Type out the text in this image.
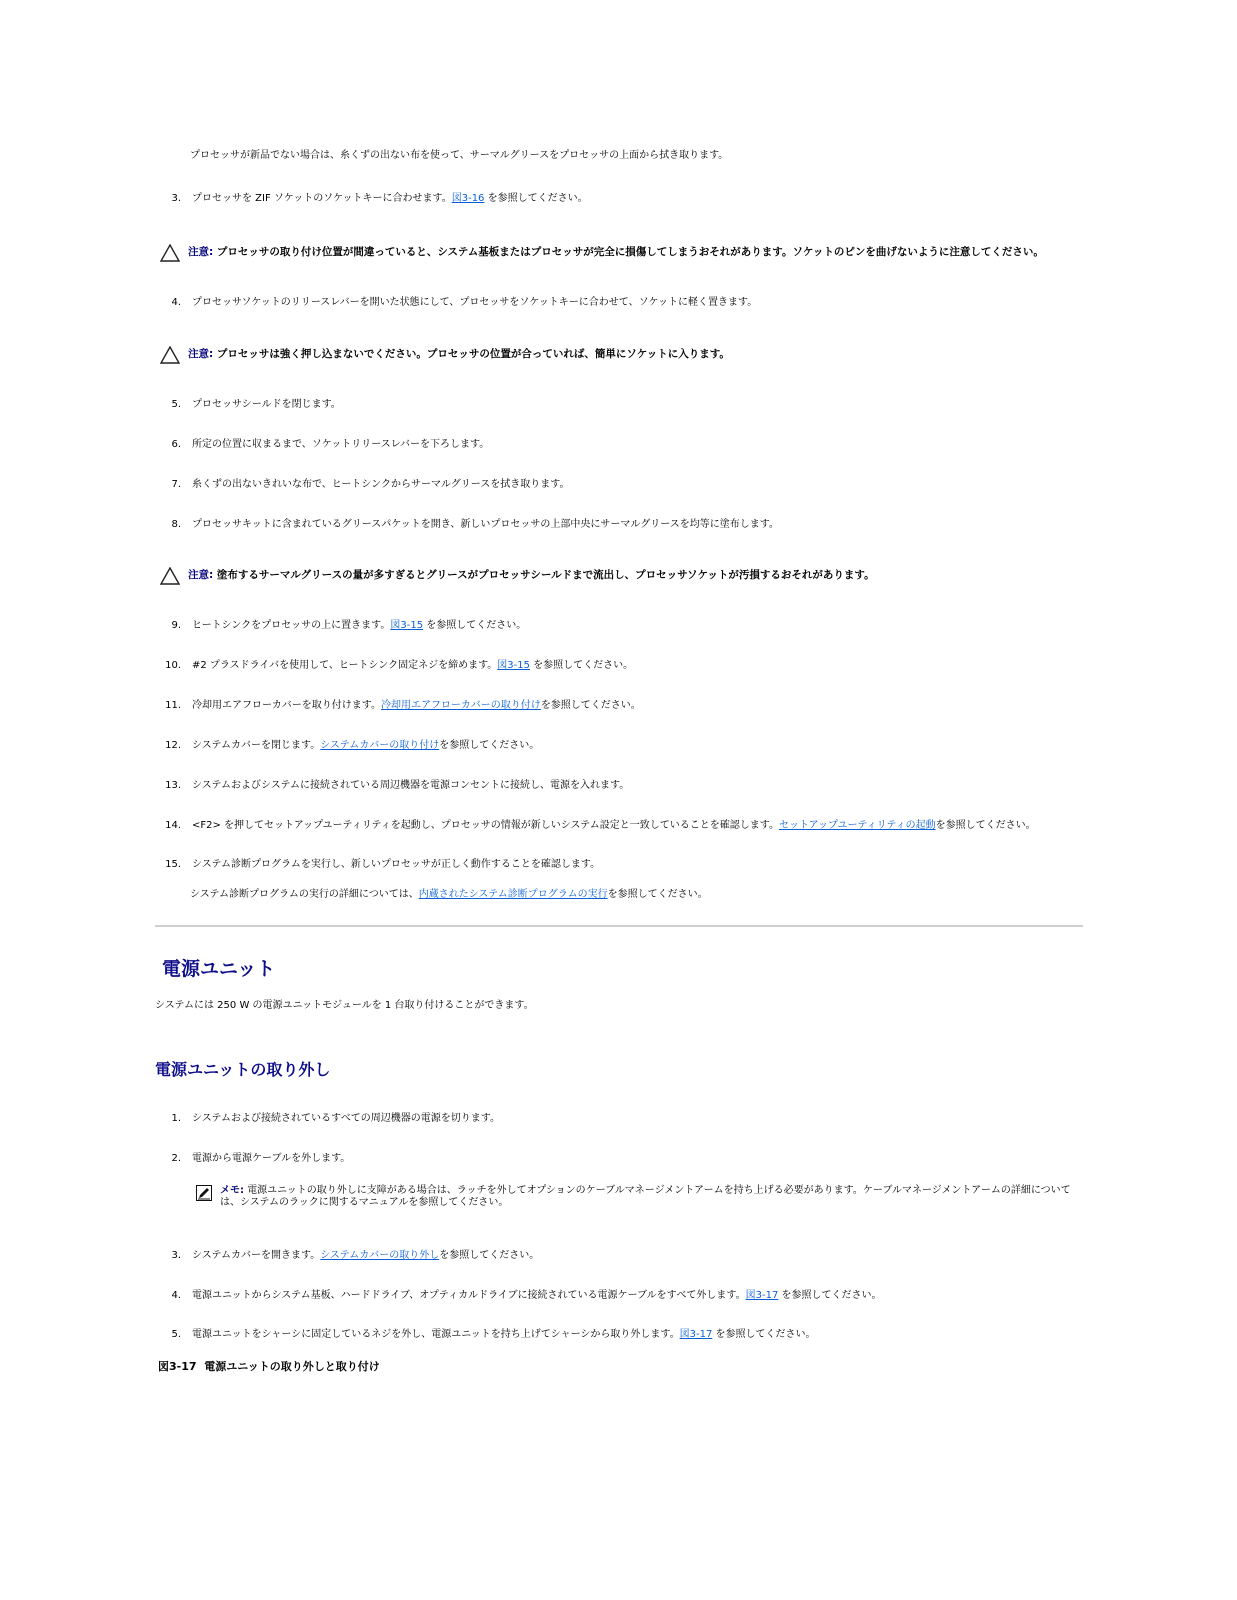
プロセッサが新品でない場合は、糸くずの出ない布を使って、サーマルグリースをプロセッサの上面から拭き取ります。
3. プロセッサを ZIF ソケットのソケットキーに合わせます。図3-16 を参照してください。
注意: プロセッサの取り付け位置が間違っていると、システム基板またはプロセッサが完全に損傷してしまうおそれがあります。ソケットのピンを曲げないように注意してください。
4. プロセッサソケットのリリースレバーを開いた状態にして、プロセッサをソケットキーに合わせて、ソケットに軽く置きます。
注意: プロセッサは強く押し込まないでください。プロセッサの位置が合っていれば、簡単にソケットに入ります。
5. プロセッサシールドを閉じます。
6. 所定の位置に収まるまで、ソケットリリースレバーを下ろします。
7. 糸くずの出ないきれいな布で、ヒートシンクからサーマルグリースを拭き取ります。
8. プロセッサキットに含まれているグリースパケットを開き、新しいプロセッサの上部中央にサーマルグリースを均等に塗布します。
注意: 塗布するサーマルグリースの量が多すぎるとグリースがプロセッサシールドまで流出し、プロセッサソケットが汚損するおそれがあります。
9. ヒートシンクをプロセッサの上に置きます。図3-15 を参照してください。
10. #2 プラスドライバを使用して、ヒートシンク固定ネジを締めます。図3-15 を参照してください。
11. 冷却用エアフローカバーを取り付けます。冷却用エアフローカバーの取り付けを参照してください。
12. システムカバーを閉じます。システムカバーの取り付けを参照してください。
13. システムおよびシステムに接続されている周辺機器を電源コンセントに接続し、電源を入れます。
14. <F2> を押してセットアップユーティリティを起動し、プロセッサの情報が新しいシステム設定と一致していることを確認します。セットアップユーティリティの起動を参照してください。
15. システム診断プログラムを実行し、新しいプロセッサが正しく動作することを確認します。
システム診断プログラムの実行の詳細については、内蔵されたシステム診断プログラムの実行を参照してください。
電源ユニット
システムには 250 W の電源ユニットモジュールを 1 台取り付けることができます。
電源ユニットの取り外し
1. システムおよび接続されているすべての周辺機器の電源を切ります。
2. 電源から電源ケーブルを外します。
メモ: 電源ユニットの取り外しに支障がある場合は、ラッチを外してオプションのケーブルマネージメントアームを持ち上げる必要があります。ケーブルマネージメントアームの詳細については、システムのラックに関するマニュアルを参照してください。
3. システムカバーを開きます。システムカバーの取り外しを参照してください。
4. 電源ユニットからシステム基板、ハードドライブ、オプティカルドライブに接続されている電源ケーブルをすべて外します。図3-17 を参照してください。
5. 電源ユニットをシャーシに固定しているネジを外し、電源ユニットを持ち上げてシャーシから取り外します。図3-17 を参照してください。
図3-17 電源ユニットの取り外しと取り付け
